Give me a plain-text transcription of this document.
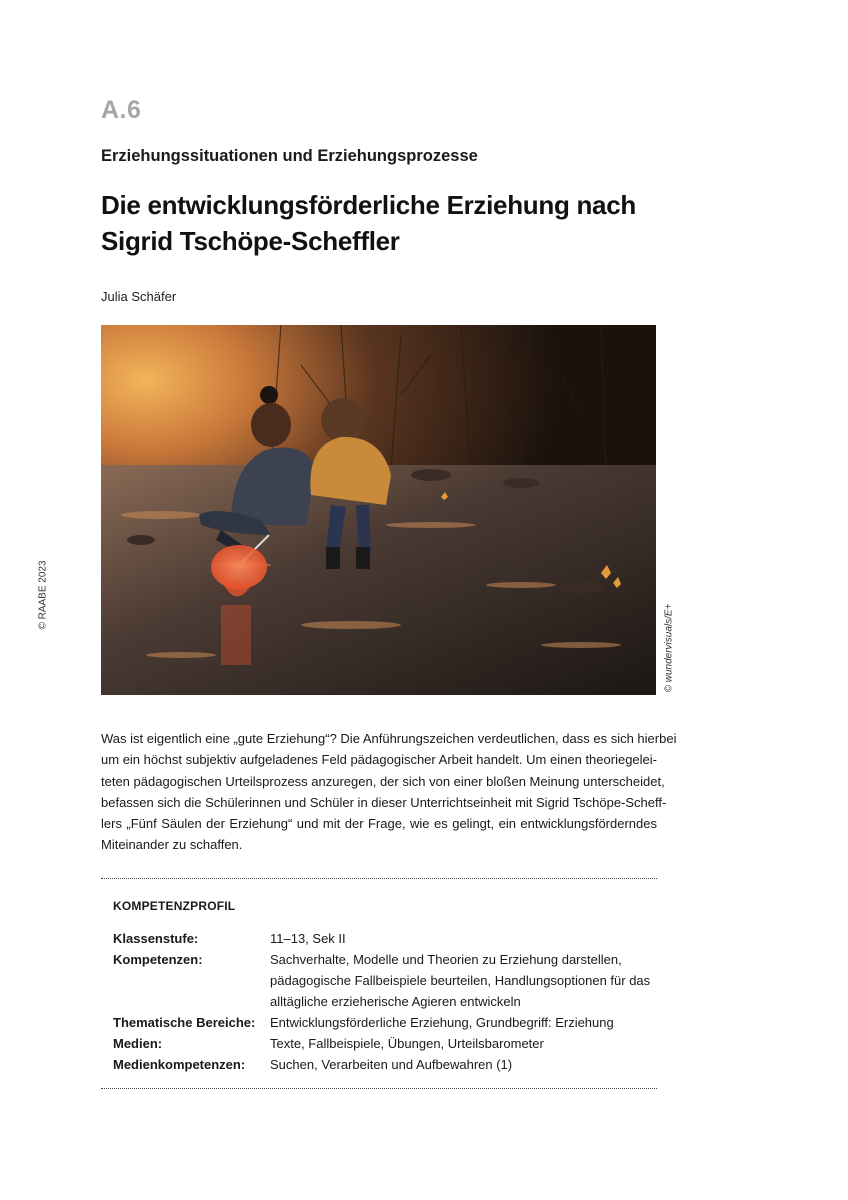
© RAABE 2023
A.6
Erziehungssituationen und Erziehungsprozesse
Die entwicklungsförderliche Erziehung nach
Sigrid Tschöpe-Scheffler
Julia Schäfer
© wundervisuals/E+
Was ist eigentlich eine „gute Erziehung“? Die Anführungszeichen verdeutlichen, dass es sich hierbei
um ein höchst subjektiv aufgeladenes Feld pädagogischer Arbeit handelt. Um einen theoriegelei-
teten pädagogischen Urteilsprozess anzuregen, der sich von einer bloßen Meinung unterscheidet,
befassen sich die Schülerinnen und Schüler in dieser Unterrichtseinheit mit Sigrid Tschöpe-Scheff-
lers „Fünf Säulen der Erziehung“ und mit der Frage, wie es gelingt, ein entwicklungsförderndes
Miteinander zu schaffen.
KOMPETENZPROFIL
Klassenstufe:	11–13, Sek II
Kompetenzen:	Sachverhalte, Modelle und Theorien zu Erziehung darstellen,
pädagogische Fallbeispiele beurteilen, Handlungsoptionen für das
alltägliche erzieherische Agieren entwickeln
Thematische Bereiche:	Entwicklungsförderliche Erziehung, Grundbegriff: Erziehung
Medien:	Texte, Fallbeispiele, Übungen, Urteilsbarometer
Medienkompetenzen:	Suchen, Verarbeiten und Aufbewahren (1)
